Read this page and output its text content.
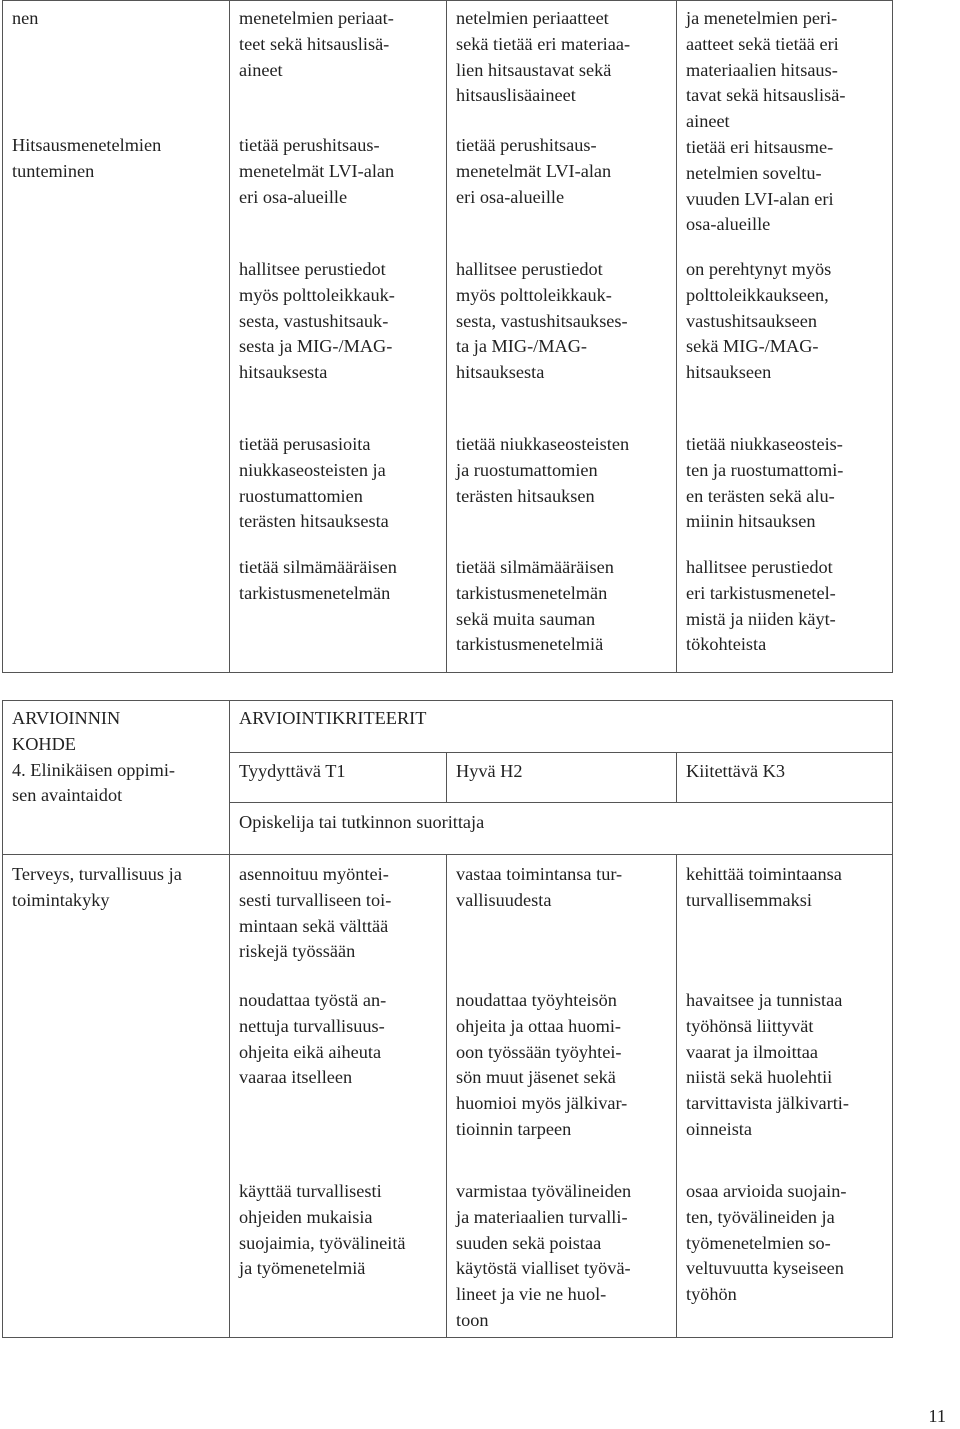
nen
Hitsausmenetelmien
tunteminen
menetelmien periaat-
teet sekä hitsauslisä-
aineet
tietää perushitsaus-
menetelmät LVI-alan
eri osa-alueille
hallitsee perustiedot
myös polttoleikkauk-
sesta, vastushitsauk-
sesta ja MIG-/MAG-
hitsauksesta
tietää perusasioita
niukkaseosteisten ja
ruostumattomien
terästen hitsauksesta
tietää silmämääräisen
tarkistusmenetelmän
netelmien periaatteet
sekä tietää eri materiaa-
lien hitsaustavat sekä
hitsauslisäaineet
tietää perushitsaus-
menetelmät LVI-alan
eri osa-alueille
hallitsee perustiedot
myös polttoleikkauk-
sesta, vastushitsaukses-
ta ja MIG-/MAG-
hitsauksesta
tietää niukkaseosteisten
ja ruostumattomien
terästen hitsauksen
tietää silmämääräisen
tarkistusmenetelmän
sekä muita sauman
tarkistusmenetelmiä
ja menetelmien peri-
aatteet sekä tietää eri
materiaalien hitsaus-
tavat sekä hitsauslisä-
aineet
tietää eri hitsausme-
netelmien soveltu-
vuuden LVI-alan eri
osa-alueille
on perehtynyt myös
polttoleikkaukseen,
vastushitsaukseen
sekä MIG-/MAG-
hitsaukseen
tietää niukkaseosteis-
ten ja ruostumattomi-
en terästen sekä alu-
miinin hitsauksen
hallitsee perustiedot
eri tarkistusmenetel-
mistä ja niiden käyt-
tökohteista
ARVIOINNIN
KOHDE
4. Elinikäisen oppimi-
sen avaintaidot
ARVIOINTIKRITEERIT
Tyydyttävä T1	Hyvä H2	Kiitettävä K3
Opiskelija tai tutkinnon suorittaja
Terveys, turvallisuus ja
toimintakyky
asennoituu myöntei-
sesti turvalliseen toi-
mintaan sekä välttää
riskejä työssään
vastaa toimintansa tur-
vallisuudesta
kehittää toimintaansa
turvallisemmaksi
noudattaa työstä an-
nettuja turvallisuus-
ohjeita eikä aiheuta
vaaraa itselleen
noudattaa työyhteisön
ohjeita ja ottaa huomi-
oon työssään työyhtei-
sön muut jäsenet sekä
huomioi myös jälkivar-
tioinnin tarpeen
havaitsee ja tunnistaa
työhönsä liittyvät
vaarat ja ilmoittaa
niistä sekä huolehtii
tarvittavista jälkivarti-
oinneista
käyttää turvallisesti
ohjeiden mukaisia
suojaimia, työvälineitä
ja työmenetelmiä
varmistaa työvälineiden
ja materiaalien turvalli-
suuden sekä poistaa
käytöstä vialliset työvä-
lineet ja vie ne huol-
toon
osaa arvioida suojain-
ten, työvälineiden ja
työmenetelmien so-
veltuvuutta kyseiseen
työhön
11
